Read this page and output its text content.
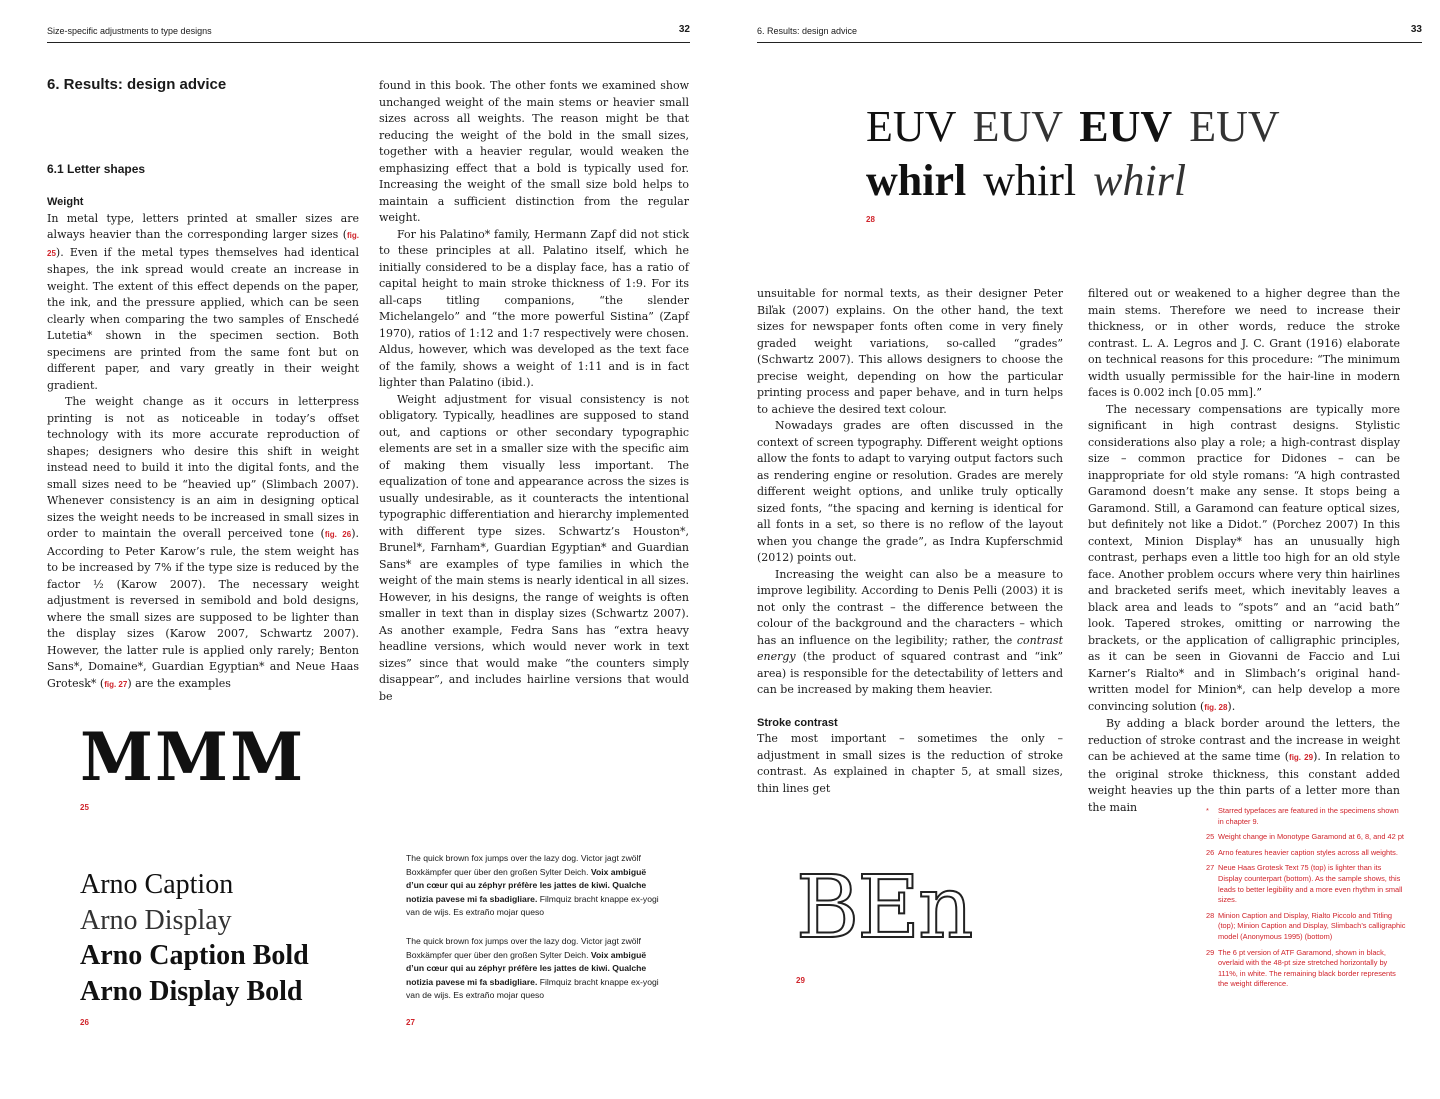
Size-specific adjustments to type designs	32
6. Results: design advice
6.1 Letter shapes
Weight

In metal type, letters printed at smaller sizes are always heavier than the corresponding larger sizes (fig. 25). Even if the metal types themselves had identical shapes, the ink spread would create an increase in weight. The extent of this effect depends on the paper, the ink, and the pressure applied, which can be seen clearly when comparing the two samples of Enschedé Lutetia* shown in the specimen section. Both specimens are printed from the same font but on different paper, and vary greatly in their weight gradient.

The weight change as it occurs in letterpress printing is not as noticeable in today’s offset technology with its more accurate reproduction of shapes; designers who desire this shift in weight instead need to build it into the digital fonts, and the small sizes need to be “heavied up” (Slimbach 2007). Whenever consistency is an aim in designing optical sizes the weight needs to be increased in small sizes in order to maintain the overall perceived tone (fig. 26). According to Peter Karow’s rule, the stem weight has to be increased by 7% if the type size is reduced by the factor ½ (Karow 2007). The necessary weight adjustment is reversed in semibold and bold designs, where the small sizes are supposed to be lighter than the display sizes (Karow 2007, Schwartz 2007). However, the latter rule is applied only rarely; Benton Sans*, Domaine*, Guardian Egyptian* and Neue Haas Grotesk* (fig. 27) are the examples

found in this book. The other fonts we examined show unchanged weight of the main stems or heavier small sizes across all weights. The reason might be that reducing the weight of the bold in the small sizes, together with a heavier regular, would weaken the emphasizing effect that a bold is typically used for. Increasing the weight of the small size bold helps to maintain a sufficient distinction from the regular weight.

For his Palatino* family, Hermann Zapf did not stick to these principles at all. Palatino itself, which he initially considered to be a display face, has a ratio of capital height to main stroke thickness of 1:9. For its all-caps titling companions, “the slender Michelangelo” and “the more powerful Sistina” (Zapf 1970), ratios of 1:12 and 1:7 respectively were chosen. Aldus, however, which was developed as the text face of the family, shows a weight of 1:11 and is in fact lighter than Palatino (ibid.).

Weight adjustment for visual consistency is not obligatory. Typically, headlines are supposed to stand out, and captions or other secondary typographic elements are set in a smaller size with the specific aim of making them visually less important. The equalization of tone and appearance across the sizes is usually undesirable, as it counteracts the intentional typographic differentiation and hierarchy implemented with different type sizes. Schwartz’s Houston*, Brunel*, Farnham*, Guardian Egyptian* and Guardian Sans* are examples of type families in which the weight of the main stems is nearly identical in all sizes. However, in his designs, the range of weights is often smaller in text than in display sizes (Schwartz 2007). As another example, Fedra Sans has “extra heavy headline versions, which would never work in text sizes” since that would make “the counters simply disappear”, and includes hairline versions that would be

MMM
25
Arno Caption
Arno Display
Arno Caption Bold
Arno Display Bold
26
The quick brown fox jumps over the lazy dog. Victor jagt zwölf Boxkämpfer quer über den großen Sylter Deich. Voix ambiguë d’un cœur qui au zéphyr préfère les jattes de kiwi. Qualche notizia pavese mi fa sbadigliare. Filmquiz bracht knappe ex-yogi van de wijs. Es extraño mojar queso
The quick brown fox jumps over the lazy dog. Victor jagt zwölf Boxkämpfer quer über den großen Sylter Deich. Voix ambiguë d’un cœur qui au zéphyr préfère les jattes de kiwi. Qualche notizia pavese mi fa sbadigliare. Filmquiz bracht knappe ex-yogi van de wijs. Es extraño mojar queso
27
6. Results: design advice	33
EUV EUV EUV EUV
whirl whirl whirl
28

unsuitable for normal texts, as their designer Peter Biľak (2007) explains. On the other hand, the text sizes for newspaper fonts often come in very finely graded weight variations, so-called “grades” (Schwartz 2007). This allows designers to choose the precise weight, depending on how the particular printing process and paper behave, and in turn helps to achieve the desired text colour.

Nowadays grades are often discussed in the context of screen typography. Different weight options allow the fonts to adapt to varying output factors such as rendering engine or resolution. Grades are merely different weight options, and unlike truly optically sized fonts, “the spacing and kerning is identical for all fonts in a set, so there is no reflow of the layout when you change the grade”, as Indra Kupferschmid (2012) points out.

Increasing the weight can also be a measure to improve legibility. According to Denis Pelli (2003) it is not only the contrast – the difference between the colour of the background and the characters – which has an influence on the legibility; rather, the contrast energy (the product of squared contrast and “ink” area) is responsible for the detectability of letters and can be increased by making them heavier.

Stroke contrast

The most important – sometimes the only – adjustment in small sizes is the reduction of stroke contrast. As explained in chapter 5, at small sizes, thin lines get

filtered out or weakened to a higher degree than the main stems. Therefore we need to increase their thickness, or in other words, reduce the stroke contrast. L. A. Legros and J. C. Grant (1916) elaborate on technical reasons for this procedure: “The minimum width usually permissible for the hair-line in modern faces is 0.002 inch [0.05 mm].”

The necessary compensations are typically more significant in high contrast designs. Stylistic considerations also play a role; a high-contrast display size – common practice for Didones – can be inappropriate for old style romans: “A high contrasted Garamond doesn’t make any sense. It stops being a Garamond. Still, a Garamond can feature optical sizes, but definitely not like a Didot.” (Porchez 2007) In this context, Minion Display* has an unusually high contrast, perhaps even a little too high for an old style face. Another problem occurs where very thin hairlines and bracketed serifs meet, which inevitably leaves a black area and leads to “spots” and an “acid bath” look. Tapered strokes, omitting or narrowing the brackets, or the application of calligraphic principles, as it can be seen in Giovanni de Faccio and Lui Karner’s Rialto* and in Slimbach’s original hand-written model for Minion*, can help develop a more convincing solution (fig. 28).

By adding a black border around the letters, the reduction of stroke contrast and the increase in weight can be achieved at the same time (fig. 29). In relation to the original stroke thickness, this constant added weight heavies up the thin parts of a letter more than the main

BEn
29
*	Starred typefaces are featured in the specimens shown in chapter 9.
25 Weight change in Monotype Garamond at 6, 8, and 42 pt
26 Arno features heavier caption styles across all weights.
27 Neue Haas Grotesk Text 75 (top) is lighter than its Display counterpart (bottom). As the sample shows, this leads to better legibility and a more even rhythm in small sizes.
28 Minion Caption and Display, Rialto Piccolo and Titling (top); Minion Caption and Display, Slimbach’s calligraphic model (Anonymous 1995) (bottom)
29 The 6 pt version of ATF Garamond, shown in black, overlaid with the 48-pt size stretched horizontally by 111%, in white. The remaining black border represents the weight difference.
